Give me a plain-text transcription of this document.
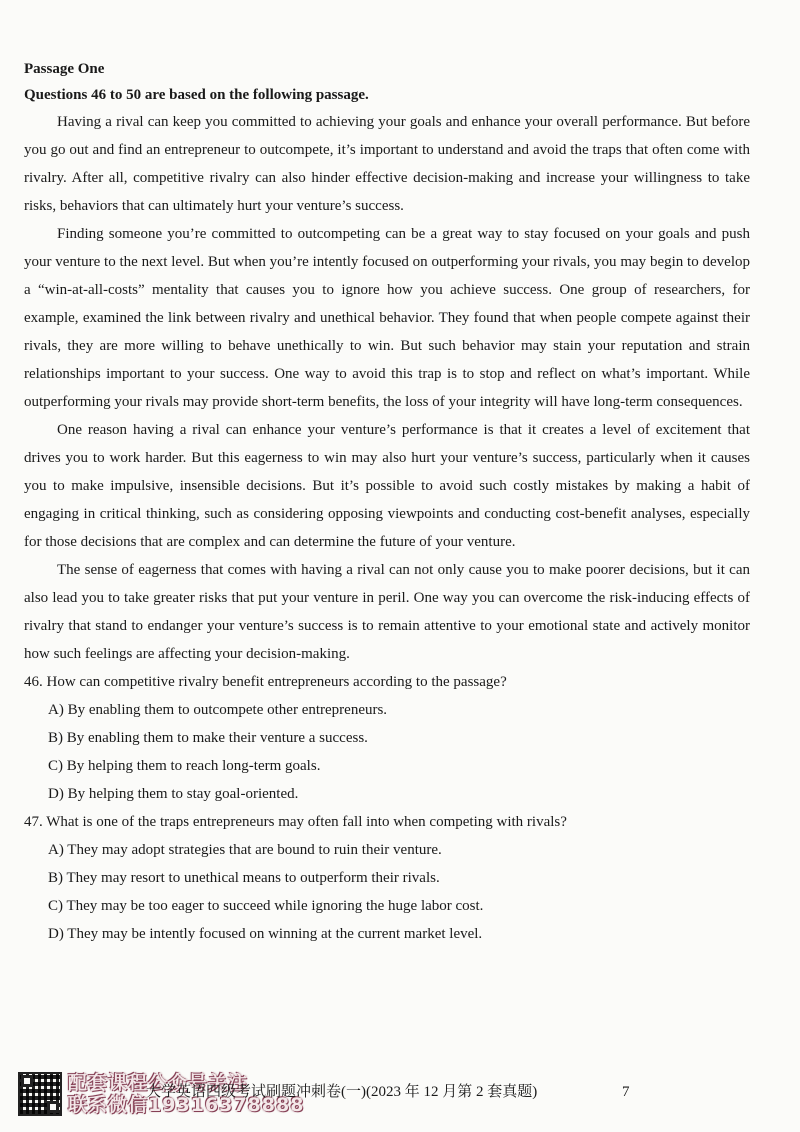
Passage One
Questions 46 to 50 are based on the following passage.

Having a rival can keep you committed to achieving your goals and enhance your overall performance. But before you go out and find an entrepreneur to outcompete, it’s important to understand and avoid the traps that often come with rivalry. After all, competitive rivalry can also hinder effective decision-making and increase your willingness to take risks, behaviors that can ultimately hurt your venture’s success.

Finding someone you’re committed to outcompeting can be a great way to stay focused on your goals and push your venture to the next level. But when you’re intently focused on outperforming your rivals, you may begin to develop a “win-at-all-costs” mentality that causes you to ignore how you achieve success. One group of researchers, for example, examined the link between rivalry and unethical behavior. They found that when people compete against their rivals, they are more willing to behave unethically to win. But such behavior may stain your reputation and strain relationships important to your success. One way to avoid this trap is to stop and reflect on what’s important. While outperforming your rivals may provide short-term benefits, the loss of your integrity will have long-term consequences.

One reason having a rival can enhance your venture’s performance is that it creates a level of excitement that drives you to work harder. But this eagerness to win may also hurt your venture’s success, particularly when it causes you to make impulsive, insensible decisions. But it’s possible to avoid such costly mistakes by making a habit of engaging in critical thinking, such as considering opposing viewpoints and conducting cost-benefit analyses, especially for those decisions that are complex and can determine the future of your venture.

The sense of eagerness that comes with having a rival can not only cause you to make poorer decisions, but it can also lead you to take greater risks that put your venture in peril. One way you can overcome the risk-inducing effects of rivalry that stand to endanger your venture’s success is to remain attentive to your emotional state and actively monitor how such feelings are affecting your decision-making.

46. How can competitive rivalry benefit entrepreneurs according to the passage?

A) By enabling them to outcompete other entrepreneurs.

B) By enabling them to make their venture a success.

C) By helping them to reach long-term goals.

D) By helping them to stay goal-oriented.

47. What is one of the traps entrepreneurs may often fall into when competing with rivals?

A) They may adopt strategies that are bound to ruin their venture.

B) They may resort to unethical means to outperform their rivals.

C) They may be too eager to succeed while ignoring the huge labor cost.

D) They may be intently focused on winning at the current market level.

配套课程公众号关注
联系微信19316378888
大学英语四级考试刷题冲刺卷(一)(2023 年 12 月第 2 套真题)	7
